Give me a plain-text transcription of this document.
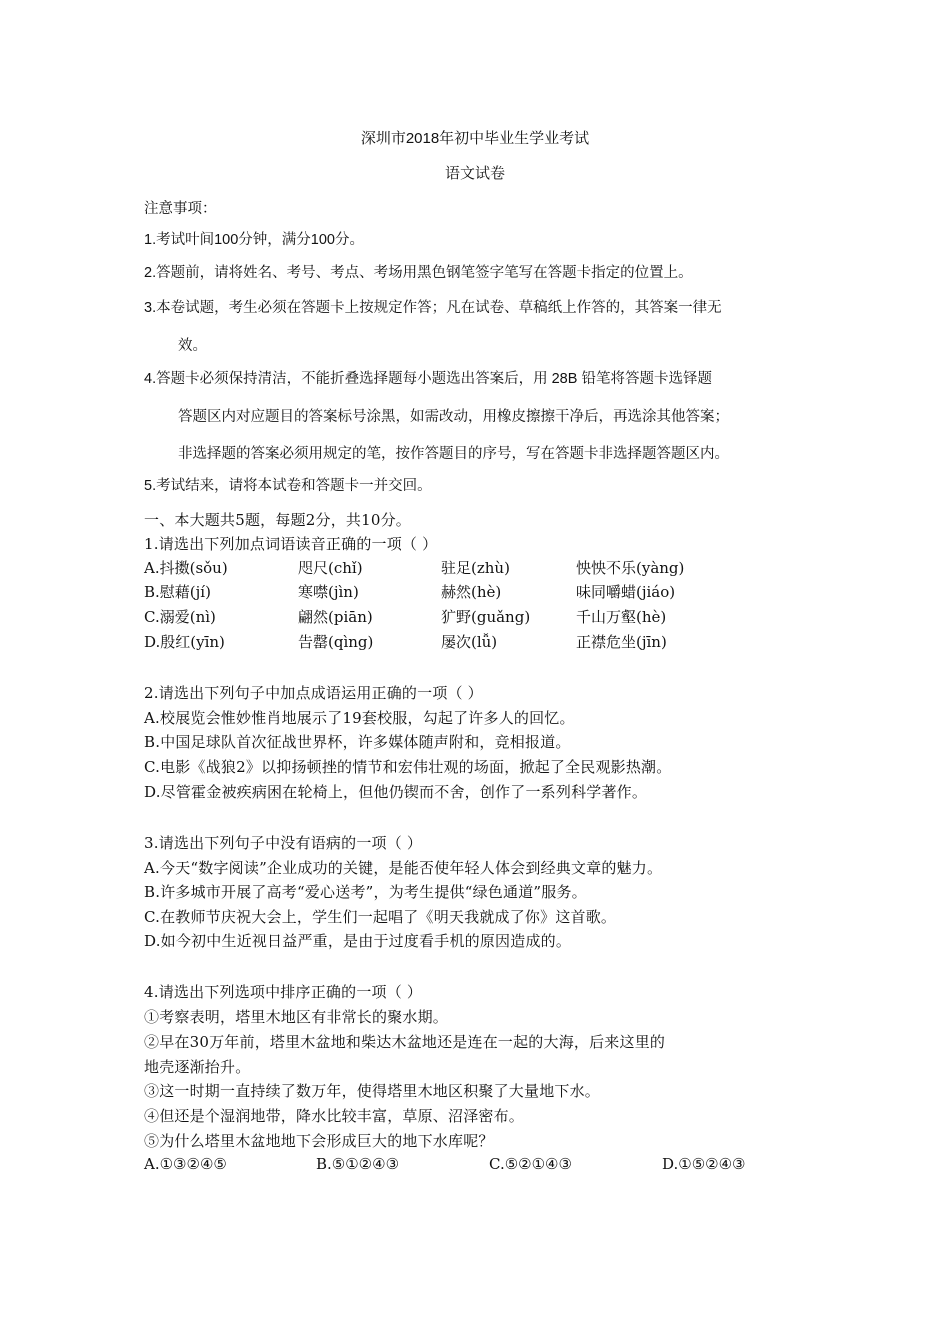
深圳市2018年初中毕业生学业考试
语文试卷
注意事项：
1.考试叶间100分钟，满分100分。
2.答题前，请将姓名、考号、考点、考场用黑色钢笔签字笔写在答题卡指定的位置上。
3.本卷试题，考生必须在答题卡上按规定作答；凡在试卷、草稿纸上作答的，其答案一律无
效。
4.答题卡必须保持清洁，不能折叠选择题每小题选出答案后，用 28B 铅笔将答题卡选铎题
答题区内对应题目的答案标号涂黑，如需改动，用橡皮擦擦干净后，再选涂其他答案；
非选择题的答案必须用规定的笔，按作答题目的序号，写在答题卡非选择题答题区内。
5.考试结来，请将本试卷和答题卡一并交回。
一、本大题共5题，每题2分，共10分。
1.请选出下列加点词语读音正确的一项（ ）
A.抖擞(sǒu)	咫尺(chǐ)	驻足(zhù)	怏怏不乐(yàng)
B.慰藉(jí)	寒噤(jìn)	赫然(hè)	味同嚼蜡(jiáo)
C.溺爱(nì)	翩然(piān)	犷野(guǎng)	千山万壑(hè)
D.殷红(yīn)	告罄(qìng)	屡次(lǚ)	正襟危坐(jīn)
2.请选出下列句子中加点成语运用正确的一项（ ）
A.校展览会惟妙惟肖地展示了19套校服，勾起了许多人的回忆。
B.中国足球队首次征战世界杯，许多媒体随声附和，竞相报道。
C.电影《战狼2》以抑扬顿挫的情节和宏伟壮观的场面，掀起了全民观影热潮。
D.尽管霍金被疾病困在轮椅上，但他仍锲而不舍，创作了一系列科学著作。
3.请选出下列句子中没有语病的一项（ ）
A.今天“数字阅读”企业成功的关键，是能否使年轻人体会到经典文章的魅力。
B.许多城市开展了高考“爱心送考”，为考生提供“绿色通道”服务。
C.在教师节庆祝大会上，学生们一起唱了《明天我就成了你》这首歌。
D.如今初中生近视日益严重，是由于过度看手机的原因造成的。
4.请选出下列选项中排序正确的一项（ ）
①考察表明，塔里木地区有非常长的聚水期。
②早在30万年前，塔里木盆地和柴达木盆地还是连在一起的大海，后来这里的
地壳逐渐抬升。
③这一时期一直持续了数万年，使得塔里木地区积聚了大量地下水。
④但还是个湿润地带，降水比较丰富，草原、沼泽密布。
⑤为什么塔里木盆地地下会形成巨大的地下水库呢？
A.①③②④⑤	B.⑤①②④③	C.⑤②①④③	D.①⑤②④③
